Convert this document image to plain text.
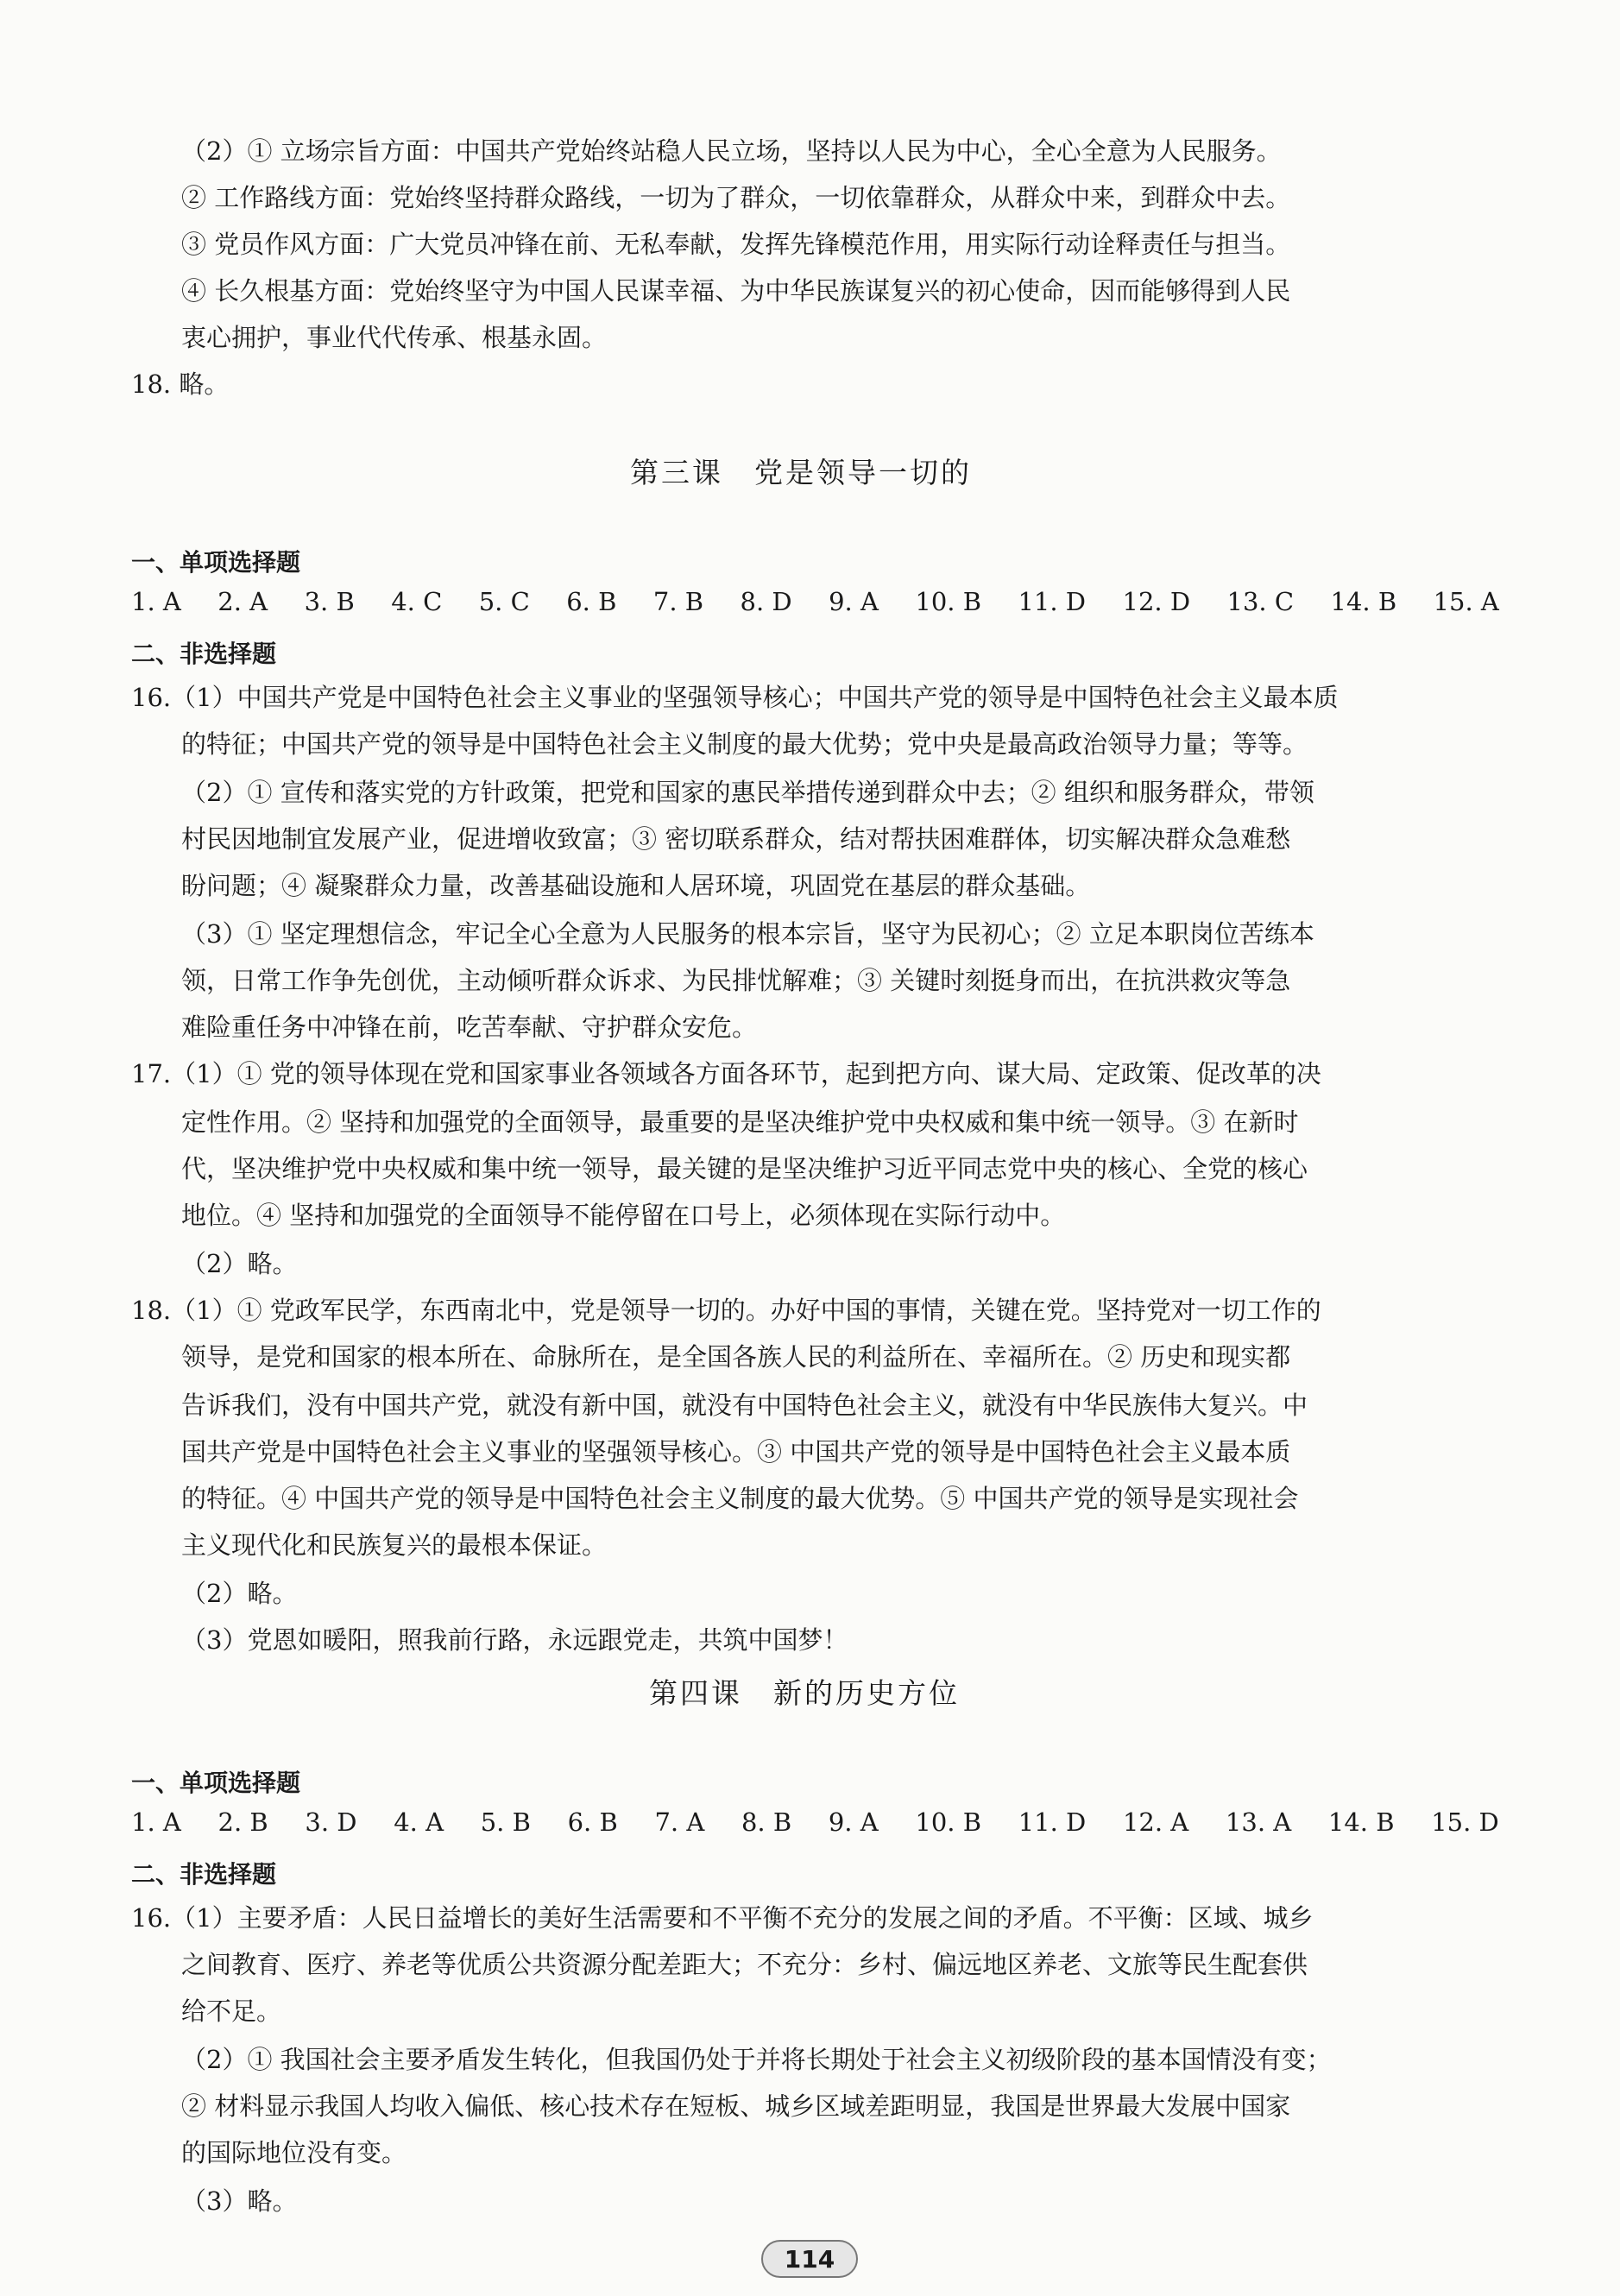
（2）① 立场宗旨方面：中国共产党始终站稳人民立场，坚持以人民为中心，全心全意为人民服务。
② 工作路线方面：党始终坚持群众路线，一切为了群众，一切依靠群众，从群众中来，到群众中去。
③ 党员作风方面：广大党员冲锋在前、无私奉献，发挥先锋模范作用，用实际行动诠释责任与担当。
④ 长久根基方面：党始终坚守为中国人民谋幸福、为中华民族谋复兴的初心使命，因而能够得到人民
衷心拥护，事业代代传承、根基永固。
18. 略。
第三课　党是领导一切的
一、单项选择题
1. A 2. A 3. B 4. C 5. C 6. B 7. B 8. D 9. A 10. B 11. D 12. D 13. C 14. B 15. A
二、非选择题
16.（1）中国共产党是中国特色社会主义事业的坚强领导核心；中国共产党的领导是中国特色社会主义最本质
的特征；中国共产党的领导是中国特色社会主义制度的最大优势；党中央是最高政治领导力量；等等。
（2）① 宣传和落实党的方针政策，把党和国家的惠民举措传递到群众中去；② 组织和服务群众，带领
村民因地制宜发展产业，促进增收致富；③ 密切联系群众，结对帮扶困难群体，切实解决群众急难愁
盼问题；④ 凝聚群众力量，改善基础设施和人居环境，巩固党在基层的群众基础。
（3）① 坚定理想信念，牢记全心全意为人民服务的根本宗旨，坚守为民初心；② 立足本职岗位苦练本
领，日常工作争先创优，主动倾听群众诉求、为民排忧解难；③ 关键时刻挺身而出，在抗洪救灾等急
难险重任务中冲锋在前，吃苦奉献、守护群众安危。
17.（1）① 党的领导体现在党和国家事业各领域各方面各环节，起到把方向、谋大局、定政策、促改革的决
定性作用。② 坚持和加强党的全面领导，最重要的是坚决维护党中央权威和集中统一领导。③ 在新时
代，坚决维护党中央权威和集中统一领导，最关键的是坚决维护习近平同志党中央的核心、全党的核心
地位。④ 坚持和加强党的全面领导不能停留在口号上，必须体现在实际行动中。
（2）略。
18.（1）① 党政军民学，东西南北中，党是领导一切的。办好中国的事情，关键在党。坚持党对一切工作的
领导，是党和国家的根本所在、命脉所在，是全国各族人民的利益所在、幸福所在。② 历史和现实都
告诉我们，没有中国共产党，就没有新中国，就没有中国特色社会主义，就没有中华民族伟大复兴。中
国共产党是中国特色社会主义事业的坚强领导核心。③ 中国共产党的领导是中国特色社会主义最本质
的特征。④ 中国共产党的领导是中国特色社会主义制度的最大优势。⑤ 中国共产党的领导是实现社会
主义现代化和民族复兴的最根本保证。
（2）略。
（3）党恩如暖阳，照我前行路，永远跟党走，共筑中国梦！
第四课　新的历史方位
一、单项选择题
1. A 2. B 3. D 4. A 5. B 6. B 7. A 8. B 9. A 10. B 11. D 12. A 13. A 14. B 15. D
二、非选择题
16.（1）主要矛盾：人民日益增长的美好生活需要和不平衡不充分的发展之间的矛盾。不平衡：区域、城乡
之间教育、医疗、养老等优质公共资源分配差距大；不充分：乡村、偏远地区养老、文旅等民生配套供
给不足。
（2）① 我国社会主要矛盾发生转化，但我国仍处于并将长期处于社会主义初级阶段的基本国情没有变；
② 材料显示我国人均收入偏低、核心技术存在短板、城乡区域差距明显，我国是世界最大发展中国家
的国际地位没有变。
（3）略。
114
